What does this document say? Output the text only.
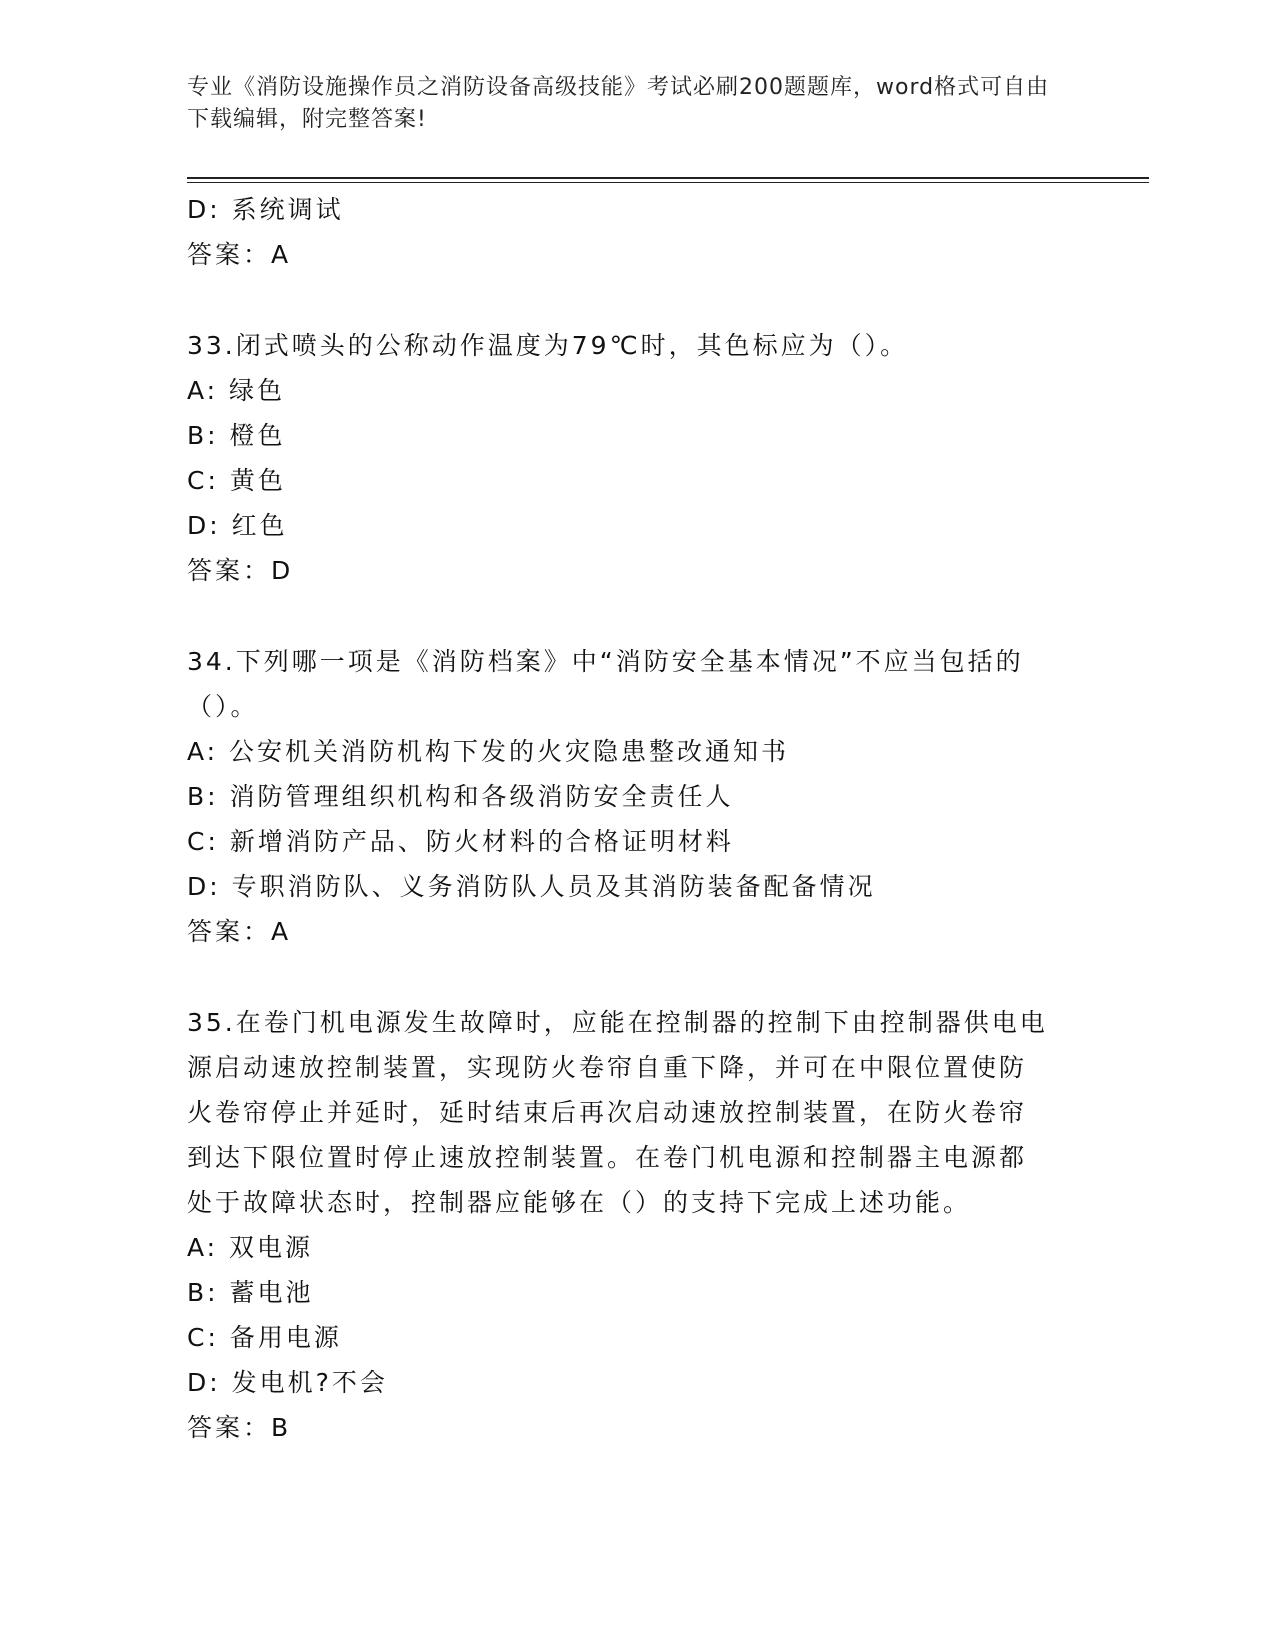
专业《消防设施操作员之消防设备高级技能》考试必刷200题题库，word格式可自由下载编辑，附完整答案!
D: 系统调试
答案：A
33.闭式喷头的公称动作温度为79℃时，其色标应为（）。
A: 绿色
B: 橙色
C: 黄色
D: 红色
答案：D
34.下列哪一项是《消防档案》中“消防安全基本情况”不应当包括的
（）。
A: 公安机关消防机构下发的火灾隐患整改通知书
B: 消防管理组织机构和各级消防安全责任人
C: 新增消防产品、防火材料的合格证明材料
D: 专职消防队、义务消防队人员及其消防装备配备情况
答案：A
35.在卷门机电源发生故障时，应能在控制器的控制下由控制器供电电
源启动速放控制装置，实现防火卷帘自重下降，并可在中限位置使防
火卷帘停止并延时，延时结束后再次启动速放控制装置，在防火卷帘
到达下限位置时停止速放控制装置。在卷门机电源和控制器主电源都
处于故障状态时，控制器应能够在（）的支持下完成上述功能。
A: 双电源
B: 蓄电池
C: 备用电源
D: 发电机?不会
答案：B
